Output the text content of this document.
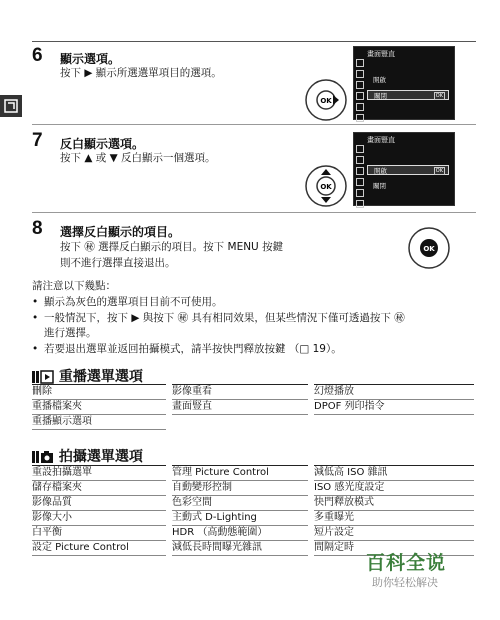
6 顯示選項。
按下 ▶ 顯示所選選單項目的選項。
OK
畫面豎直
開啟
關閉	OK
7 反白顯示選項。
按下 ▲ 或 ▼ 反白顯示一個選項。
OK
畫面豎直
開啟	OK
關閉
8 選擇反白顯示的項目。
按下 ㊙ 選擇反白顯示的項目。按下 MENU 按鍵
則不進行選擇直接退出。
OK
請注意以下幾點：
• 顯示為灰色的選單項目目前不可使用。
• 一般情況下，按下 ▶ 與按下 ㊙ 具有相同效果，但某些情況下僅可透過按下 ㊙
進行選擇。
• 若要退出選單並返回拍攝模式，請半按快門釋放按鍵 （□ 19）。
重播選單選項
刪除	影像重看	幻燈播放
重播檔案夾	畫面豎直	DPOF 列印指令
重播顯示選項
拍攝選單選項
重設拍攝選單	管理 Picture Control	減低高 ISO 雜訊
儲存檔案夾	自動變形控制	ISO 感光度設定
影像品質	色彩空間	快門釋放模式
影像大小	主動式 D-Lighting	多重曝光
白平衡	HDR （高動態範圍）	短片設定
設定 Picture Control	減低長時間曝光雜訊	間隔定時
百科全说
助你轻松解决
